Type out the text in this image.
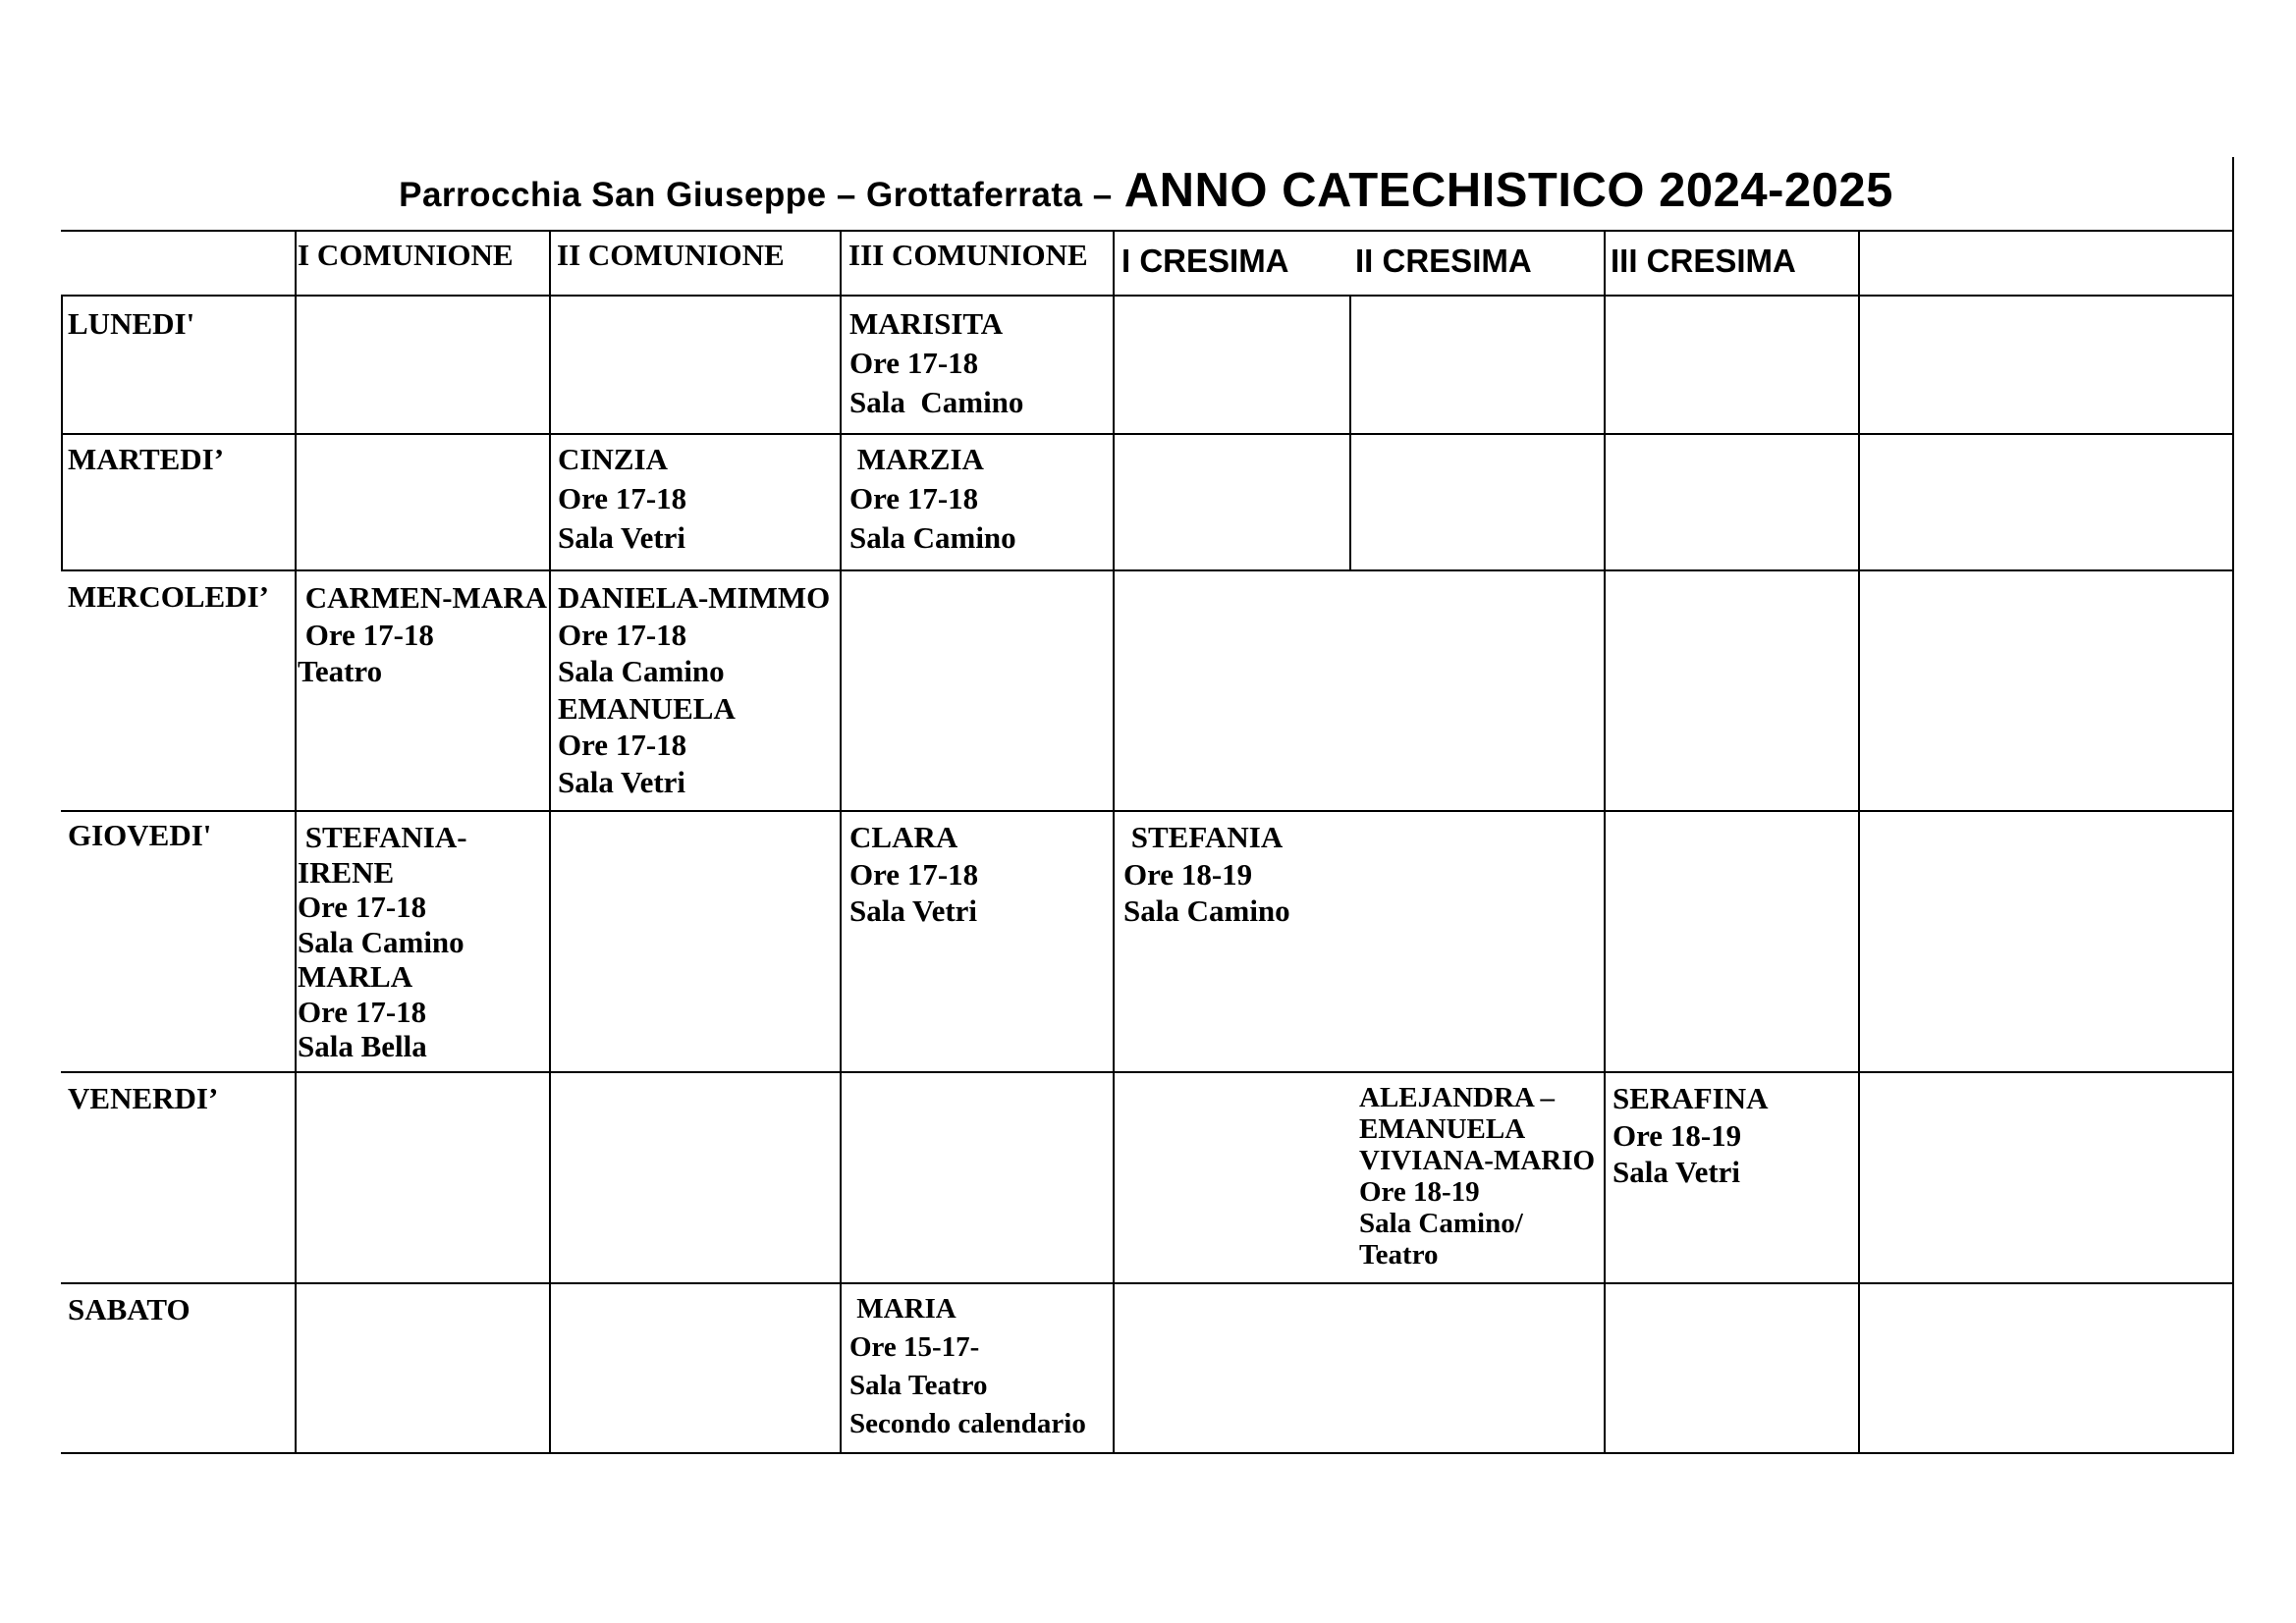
Parrocchia San Giuseppe – Grottaferrata – ANNO CATECHISTICO 2024-2025
I COMUNIONE II COMUNIONE III COMUNIONE I CRESIMA II CRESIMA III CRESIMA
LUNEDI'
MARTEDI’
MERCOLEDI’
GIOVEDI'
VENERDI’
SABATO
MARISITA
Ore 17-18
Sala  Camino
CINZIA
Ore 17-18
Sala Vetri
MARZIA
Ore 17-18
Sala Camino
CARMEN-MARA
Ore 17-18
Teatro
DANIELA-MIMMO
Ore 17-18
Sala Camino
EMANUELA
Ore 17-18
Sala Vetri
STEFANIA-
IRENE
Ore 17-18
Sala Camino
MARLA
Ore 17-18
Sala Bella
CLARA
Ore 17-18
Sala Vetri
STEFANIA
Ore 18-19
Sala Camino
ALEJANDRA –
EMANUELA
VIVIANA-MARIO
Ore 18-19
Sala Camino/
Teatro
SERAFINA
Ore 18-19
Sala Vetri
MARIA
Ore 15-17-
Sala Teatro
Secondo calendario
